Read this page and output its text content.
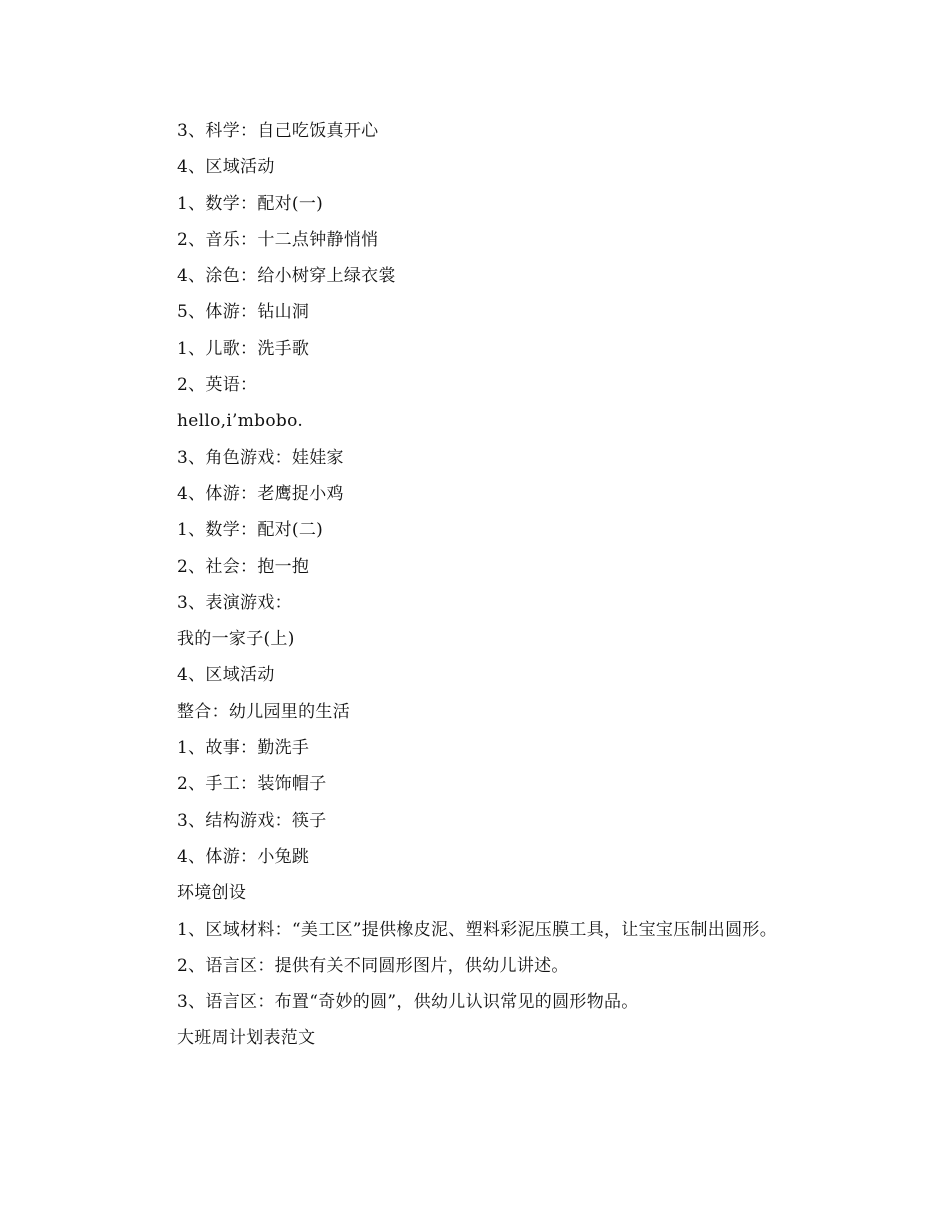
3、科学：自己吃饭真开心
4、区域活动
1、数学：配对(一)
2、音乐：十二点钟静悄悄
4、涂色：给小树穿上绿衣裳
5、体游：钻山洞
1、儿歌：洗手歌
2、英语：
hello,i’mbobo.
3、角色游戏：娃娃家
4、体游：老鹰捉小鸡
1、数学：配对(二)
2、社会：抱一抱
3、表演游戏：
我的一家子(上)
4、区域活动
整合：幼儿园里的生活
1、故事：勤洗手
2、手工：装饰帽子
3、结构游戏：筷子
4、体游：小兔跳
环境创设
1、区域材料：“美工区”提供橡皮泥、塑料彩泥压膜工具，让宝宝压制出圆形。
2、语言区：提供有关不同圆形图片，供幼儿讲述。
3、语言区：布置“奇妙的圆”，供幼儿认识常见的圆形物品。
大班周计划表范文
